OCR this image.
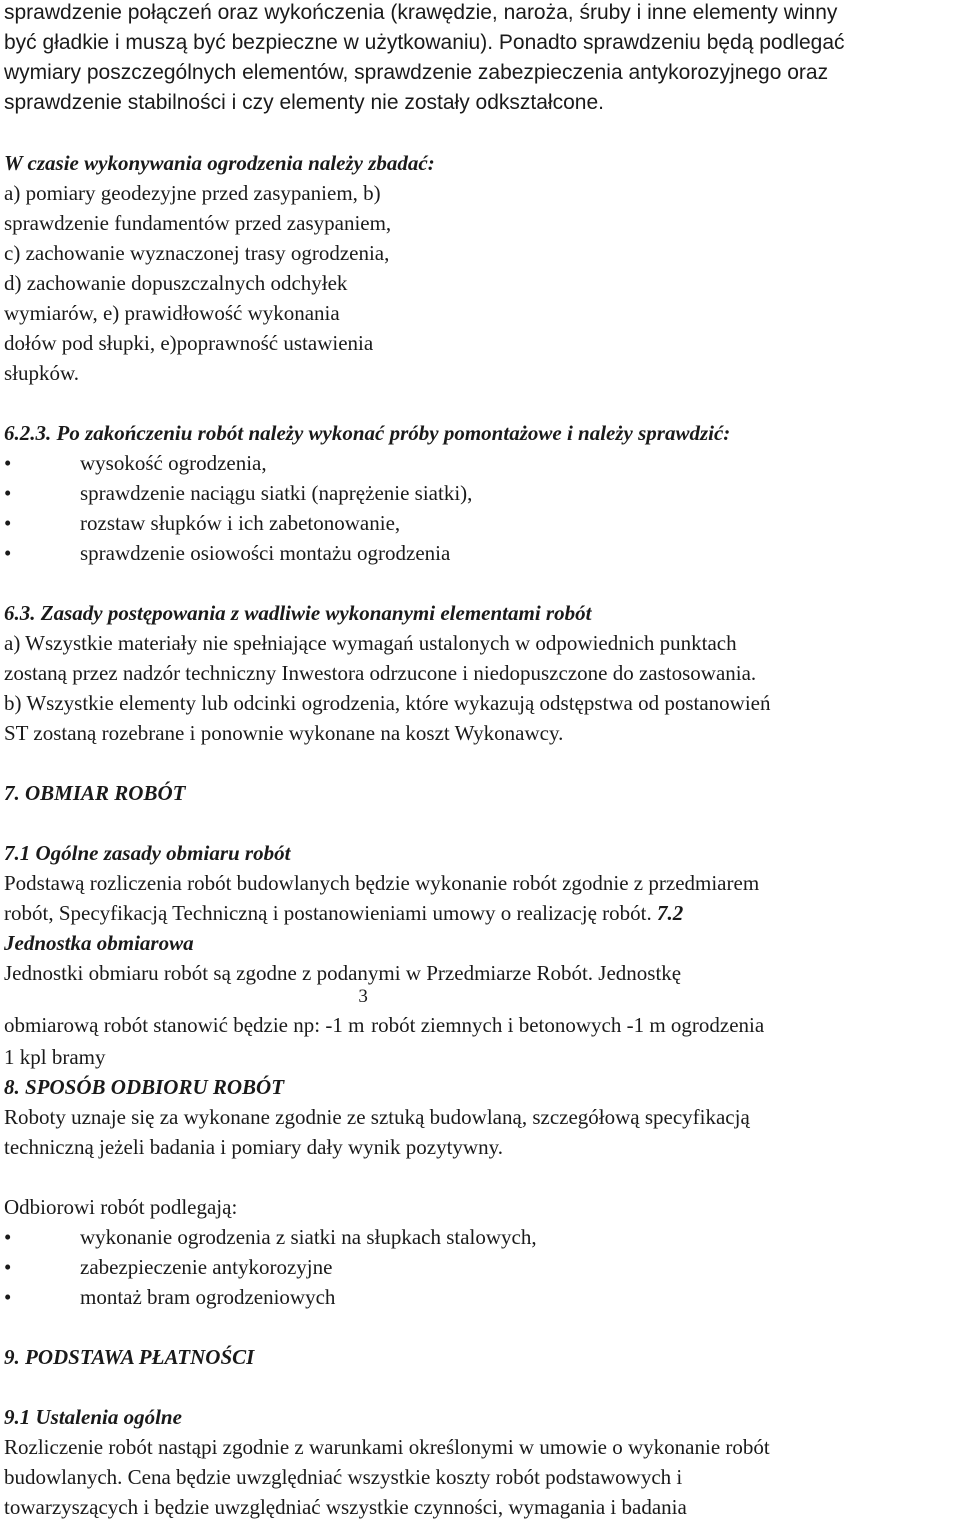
sprawdzenie połączeń oraz wykończenia (krawędzie, naroża, śruby i inne elementy winny

być gładkie i muszą być bezpieczne w użytkowaniu). Ponadto sprawdzeniu będą podlegać

wymiary poszczególnych elementów, sprawdzenie zabezpieczenia antykorozyjnego oraz

sprawdzenie stabilności i czy elementy nie zostały odkształcone.

W czasie wykonywania ogrodzenia należy zbadać:

a) pomiary geodezyjne przed zasypaniem, b)

sprawdzenie fundamentów przed zasypaniem,

c) zachowanie wyznaczonej trasy ogrodzenia,

d) zachowanie dopuszczalnych odchyłek

wymiarów, e) prawidłowość wykonania

dołów pod słupki, e)poprawność ustawienia

słupków.

6.2.3. Po zakończeniu robót należy wykonać próby pomontażowe i należy sprawdzić:

•	wysokość ogrodzenia,
•	sprawdzenie naciągu siatki (naprężenie siatki),
•	rozstaw słupków i ich zabetonowanie,
•	sprawdzenie osiowości montażu ogrodzenia

6.3. Zasady postępowania z wadliwie wykonanymi elementami robót

a) Wszystkie materiały nie spełniające wymagań ustalonych w odpowiednich punktach

zostaną przez nadzór techniczny Inwestora odrzucone i niedopuszczone do zastosowania.

b) Wszystkie elementy lub odcinki ogrodzenia, które wykazują odstępstwa od postanowień

ST zostaną rozebrane i ponownie wykonane na koszt Wykonawcy.

7. OBMIAR ROBÓT

7.1 Ogólne zasady obmiaru robót

Podstawą rozliczenia robót budowlanych będzie wykonanie robót zgodnie z przedmiarem

robót, Specyfikacją Techniczną i postanowieniami umowy o realizację robót. 7.2

Jednostka obmiarowa

Jednostki obmiaru robót są zgodne z podanymi w Przedmiarze Robót. Jednostkę

obmiarową robót stanowić będzie np: -1 m3 robót ziemnych i betonowych -1 m ogrodzenia

1 kpl bramy

8. SPOSÓB ODBIORU ROBÓT

Roboty uznaje się za wykonane zgodnie ze sztuką budowlaną, szczegółową specyfikacją

techniczną jeżeli badania i pomiary dały wynik pozytywny.

Odbiorowi robót podlegają:

•	wykonanie ogrodzenia z siatki na słupkach stalowych,
•	zabezpieczenie antykorozyjne
•	montaż bram ogrodzeniowych

9. PODSTAWA PŁATNOŚCI

9.1 Ustalenia ogólne

Rozliczenie robót nastąpi zgodnie z warunkami określonymi w umowie o wykonanie robót

budowlanych. Cena będzie uwzględniać wszystkie koszty robót podstawowych i

towarzyszących i będzie uwzględniać wszystkie czynności, wymagania i badania
